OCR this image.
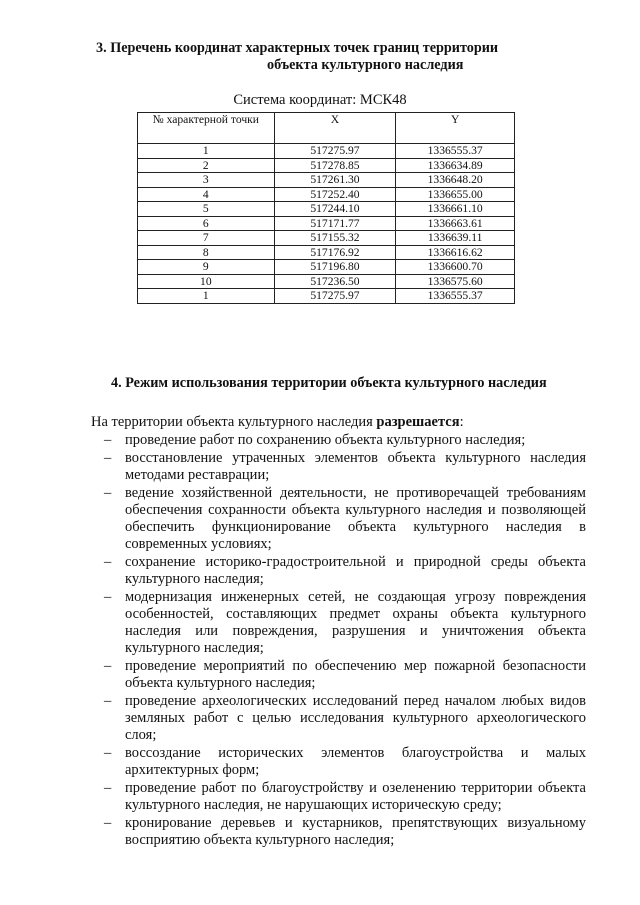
3. Перечень координат характерных точек границ территории
объекта культурного наследия
Система координат: МСК48
№ характерной точки	X	Y
1	517275.97	1336555.37
2	517278.85	1336634.89
3	517261.30	1336648.20
4	517252.40	1336655.00
5	517244.10	1336661.10
6	517171.77	1336663.61
7	517155.32	1336639.11
8	517176.92	1336616.62
9	517196.80	1336600.70
10	517236.50	1336575.60
1	517275.97	1336555.37
4. Режим использования территории объекта культурного наследия
На территории объекта культурного наследия разрешается:
– проведение работ по сохранению объекта культурного наследия;
– восстановление утраченных элементов объекта культурного наследия методами реставрации;
– ведение хозяйственной деятельности, не противоречащей требованиям обеспечения сохранности объекта культурного наследия и позволяющей обеспечить функционирование объекта культурного наследия в современных условиях;
– сохранение историко-градостроительной и природной среды объекта культурного наследия;
– модернизация инженерных сетей, не создающая угрозу повреждения особенностей, составляющих предмет охраны объекта культурного наследия или повреждения, разрушения и уничтожения объекта культурного наследия;
– проведение мероприятий по обеспечению мер пожарной безопасности объекта культурного наследия;
– проведение археологических исследований перед началом любых видов земляных работ с целью исследования культурного археологического слоя;
– воссоздание исторических элементов благоустройства и малых архитектурных форм;
– проведение работ по благоустройству и озеленению территории объекта культурного наследия, не нарушающих историческую среду;
– кронирование деревьев и кустарников, препятствующих визуальному восприятию объекта культурного наследия;
